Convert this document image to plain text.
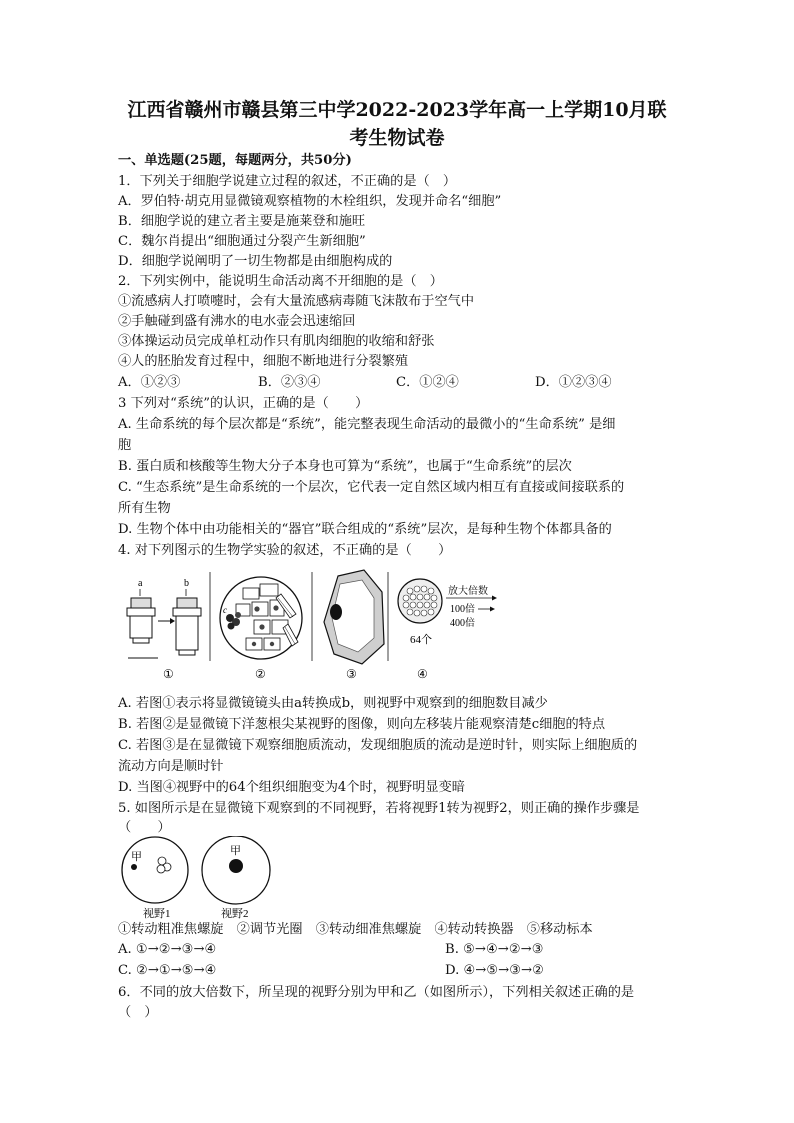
江西省赣州市赣县第三中学2022-2023学年高一上学期10月联
考生物试卷
一、单选题(25题，每题两分，共50分)
1．下列关于细胞学说建立过程的叙述，不正确的是（　）
A．罗伯特·胡克用显微镜观察植物的木栓组织，发现并命名“细胞”
B．细胞学说的建立者主要是施莱登和施旺
C．魏尔肖提出“细胞通过分裂产生新细胞”
D．细胞学说阐明了一切生物都是由细胞构成的
2．下列实例中，能说明生命活动离不开细胞的是（　）
①流感病人打喷嚏时，会有大量流感病毒随飞沫散布于空气中
②手触碰到盛有沸水的电水壶会迅速缩回
③体操运动员完成单杠动作只有肌肉细胞的收缩和舒张
④人的胚胎发育过程中，细胞不断地进行分裂繁殖
A．①②③	B．②③④	C．①②④	D．①②③④
3 下列对“系统”的认识，正确的是（　　）
A. 生命系统的每个层次都是“系统”，能完整表现生命活动的最微小的“生命系统” 是细
胞
B. 蛋白质和核酸等生物大分子本身也可算为“系统”，也属于“生命系统”的层次
C. “生态系统”是生命系统的一个层次，它代表一定自然区域内相互有直接或间接联系的
所有生物
D. 生物个体中由功能相关的“器官”联合组成的“系统”层次，是每种生物个体都具备的
4. 对下列图示的生物学实验的叙述，不正确的是（　　）
a	b
c
64个
放大倍数
100倍
400倍
①	②	③	④
A. 若图①表示将显微镜镜头由a转换成b，则视野中观察到的细胞数目减少
B. 若图②是显微镜下洋葱根尖某视野的图像，则向左移装片能观察清楚c细胞的特点
C. 若图③是在显微镜下观察细胞质流动，发现细胞质的流动是逆时针，则实际上细胞质的
流动方向是顺时针
D. 当图④视野中的64个组织细胞变为4个时，视野明显变暗
5. 如图所示是在显微镜下观察到的不同视野，若将视野1转为视野2，则正确的操作步骤是
（　　）
甲	甲
视野1	视野2
①转动粗准焦螺旋　②调节光圈　③转动细准焦螺旋　④转动转换器　⑤移动标本
A. ①→②→③→④	B. ⑤→④→②→③
C. ②→①→⑤→④	D. ④→⑤→③→②
6．不同的放大倍数下，所呈现的视野分别为甲和乙（如图所示），下列相关叙述正确的是
（　）
